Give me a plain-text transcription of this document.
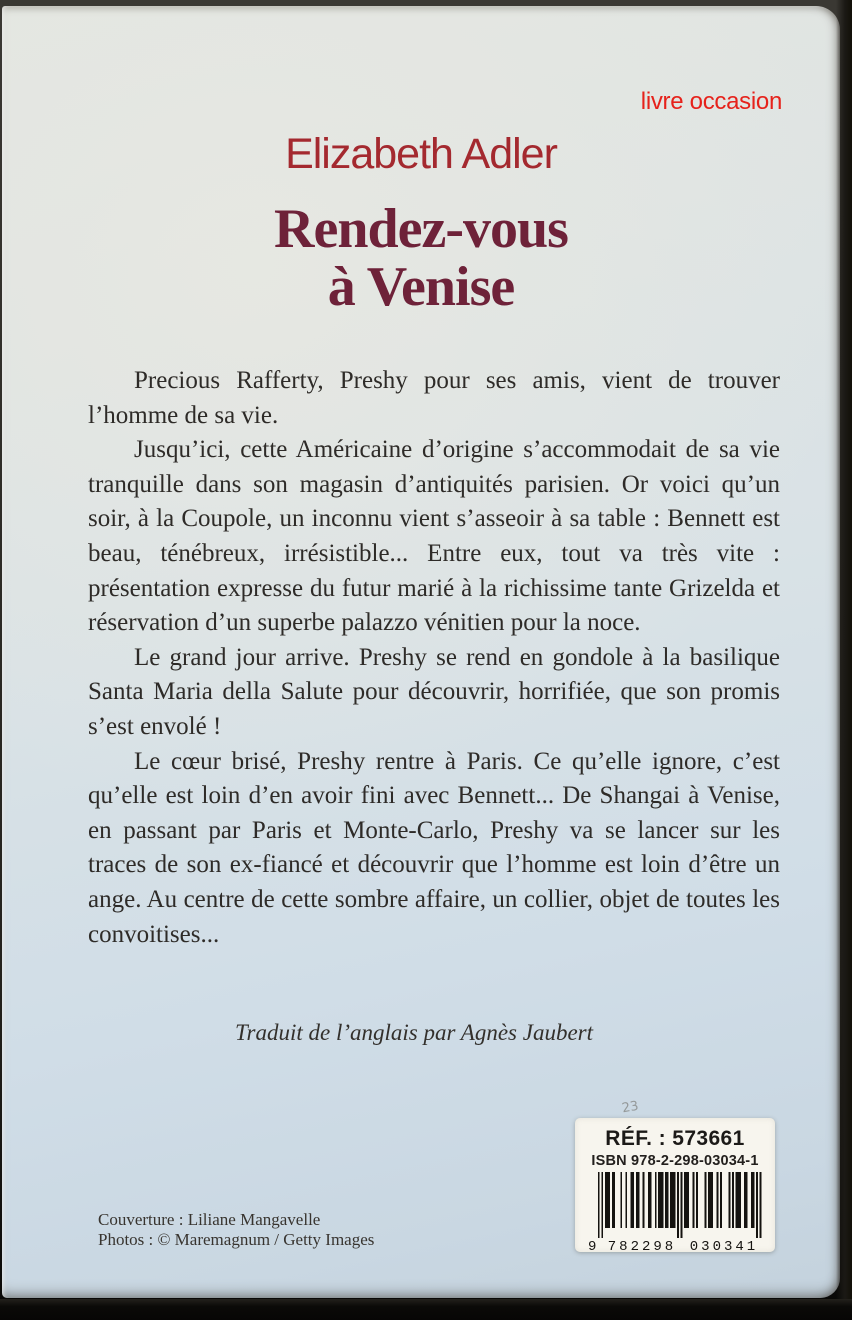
livre occasion
Elizabeth Adler
Rendez-vous
à Venise

Precious Rafferty, Preshy pour ses amis, vient de trouver l’homme de sa vie.

Jusqu’ici, cette Américaine d’origine s’accommodait de sa vie tranquille dans son magasin d’antiquités parisien. Or voici qu’un soir, à la Coupole, un inconnu vient s’asseoir à sa table : Bennett est beau, ténébreux, irrésistible... Entre eux, tout va très vite : présentation expresse du futur marié à la richissime tante Grizelda et réservation d’un superbe palazzo vénitien pour la noce.

Le grand jour arrive. Preshy se rend en gondole à la basilique Santa Maria della Salute pour découvrir, horrifiée, que son promis s’est envolé !

Le cœur brisé, Preshy rentre à Paris. Ce qu’elle ignore, c’est qu’elle est loin d’en avoir fini avec Bennett... De Shangai à Venise, en passant par Paris et Monte-Carlo, Preshy va se lancer sur les traces de son ex-fiancé et découvrir que l’homme est loin d’être un ange. Au centre de cette sombre affaire, un collier, objet de toutes les convoitises...

Traduit de l’anglais par Agnès Jaubert
23
RÉF. : 573661
ISBN 978-2-298-03034-1
9 782298 030341
Couverture : Liliane Mangavelle
Photos : © Maremagnum / Getty Images
